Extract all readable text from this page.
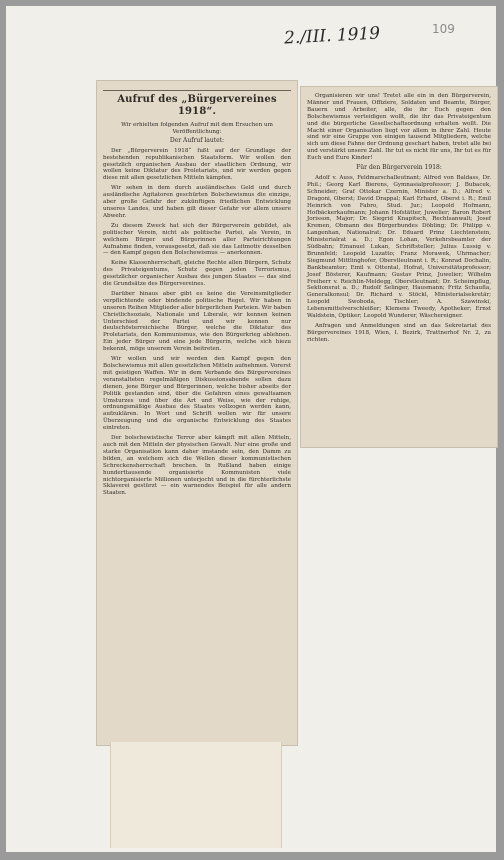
2./III. 1919	109
Aufruf des „Bürgervereines 1918“.
Wir erhielten folgenden Aufruf mit dem Ersuchen um Veröffentlichung:
Der Aufruf lautet:

Der „Bürgerverein 1918“ fußt auf der Grundlage der bestehenden republikanischen Staatsform. Wir wollen den gesetzlich organischen Ausbau der staatlichen Ordnung, wir wollen keine Diktatur des Proletariats, und wir werden gegen diese mit allen gesetzlichen Mitteln kämpfen.

Wir sehen in dem durch ausländisches Geld und durch ausländische Agitatoren geschürten Bolschewismus die einzige, aber große Gefahr der zukünftigen friedlichen Entwicklung unseres Landes, und haben gilt dieser Gefahr vor allem unsere Abwehr.

Zu diesem Zweck hat sich der Bürgerverein gebildet, als politischer Verein, nicht als politische Partei, als Verein, in welchem Bürger und Bürgerinnen aller Parteirichtungen Aufnahme finden, vorausgesetzt, daß sie das Leitmotiv desselben — den Kampf gegen den Bolschewismus — anerkennen.

Keine Klassenherrschaft, gleiche Rechte allen Bürgern, Schutz des Privateigentums, Schutz gegen jeden Terrorismus, gesetzlicher organischer Ausbau des jungen Staates — das sind die Grundsätze des Bürgervereines.

Darüber hinaus aber gibt es keine die Vereinsmitglieder verpflichtende oder bindende politische Regel. Wir haben in unseren Reihen Mitglieder aller bürgerlichen Parteien. Wir haben Christlichsoziale, Nationale und Liberale, wir kennen keinen Unterschied der Partei und wir kennen nur deutschösterreichische Bürger, welche die Diktatur des Proletariats, den Kommunismus, wie den Bürgerkrieg ablehnen. Ein jeder Bürger und eine jede Bürgerin, welche sich hiezu bekennt, möge unserem Verein beitreten.

Wir wollen und wir werden den Kampf gegen den Bolschewismus mit allen gesetzlichen Mitteln aufnehmen. Vorerst mit geistigen Waffen. Wir in dem Verbande des Bürgervereines veranstalteten regelmäßigen Diskussionsabende sollen dazu dienen, jene Bürger und Bürgerinnen, welche bisher abseits der Politik gestanden sind, über die Gefahren eines gewaltsamen Umsturzes und über die Art und Weise, wie der ruhige, ordnungsmäßige Ausbau des Staates vollzogen werden kann, aufzuklären. In Wort und Schrift wollen wir für unsere Überzeugung und die organische Entwicklung des Staates eintreten.

Der bolschewistische Terror aber kämpft mit allen Mitteln, auch mit den Mitteln der physischen Gewalt. Nur eine große und starke Organisation kann daher imstande sein, den Damm zu bilden, an welchem sich die Wellen dieser kommunistischen Schreckensherrschaft brechen. In Rußland haben einige hunderttausende organisierte Kommunisten viele nichtorganisierte Millionen unterjocht und in die fürchterlichste Sklaverei gestürzt — ein warnendes Beispiel für alle andern Staaten.

Organisieren wir uns! Tretet alle ein in den Bürgerverein, Männer und Frauen, Offiziere, Soldaten und Beamte, Bürger, Bauern und Arbeiter, alle, die ihr Euch gegen den Bolschewismus verteidigen wollt, die ihr das Privateigentum und die bürgerliche Gesellschaftsordnung erhalten wollt. Die Macht einer Organisation liegt vor allem in ihrer Zahl. Heute sind wir eine Gruppe von einigen tausend Mitgliedern, welche sich um diese Fahne der Ordnung geschart haben, tretet alle bei und verstärkt unsere Zahl. Ihr tut es nicht für uns, Ihr tut es für Euch und Eure Kinder!

Für den Bürgerverein 1918:

Adolf v. Auss, Feldmarschalleutnant; Alfred von Baldass, Dr. Phil.; Georg Karl Bierens, Gymnasialprofessor; J. Bubacek, Schneider; Graf Ottokar Czernin, Minister a. D.; Alfred v. Dragoni, Oberst; David Drappal; Karl Erhard, Oberst i. R.; Emil Heinrich von Fabro, Stud. Jur.; Leopold Hofmann, Hofbäckerkaufmann; Johann Hofstätter, Juwelier; Baron Robert Jorisson, Major; Dr. Siegrid Knapitsch, Rechtsanwalt; Josef Kremen, Obmann des Bürgerbundes Döbling; Dr. Philipp v. Langenhan, Nationalrat; Dr. Eduard Prinz Liechtenstein, Ministerialrat a. D.; Egon Lohan, Verkehrsbeamter der Südbahn; Emanuel Lukan, Schriftsteller; Julius Lussig v. Brunnfeld; Leopold Luzatto; Franz Morawek, Uhrmacher; Siegmund Mittlinghofer, Oberstleutnant i. R.; Konrad Dochalin, Bankbeamter; Emil v. Ottental, Hofrat, Universitätsprofessor; Josef Bösterer, Kaufmann; Gustav Prinz, Juwelier; Wilhelm Freiherr v. Reichlin-Meldegg, Oberstleutnant; Dr. Scheimpflug, Sektionsrat a. D.; Rudolf Selinger, Hausmann; Fritz Schaufla, Generalkonsul; Dr. Richard v. Stöckl, Ministerialsekretär; Leopold Swoboda, Tischler; A. Szawinski, Lebensmittelverschleißer; Klemens Tweedy, Apotheker; Ernst Waldstein, Optiker; Leopold Wunderer, Wäschereigner.

Anfragen und Anmeldungen sind an das Sekretariat des Bürgervereines 1918, Wien, I. Bezirk, Trattnerhof Nr. 2, zu richten.
